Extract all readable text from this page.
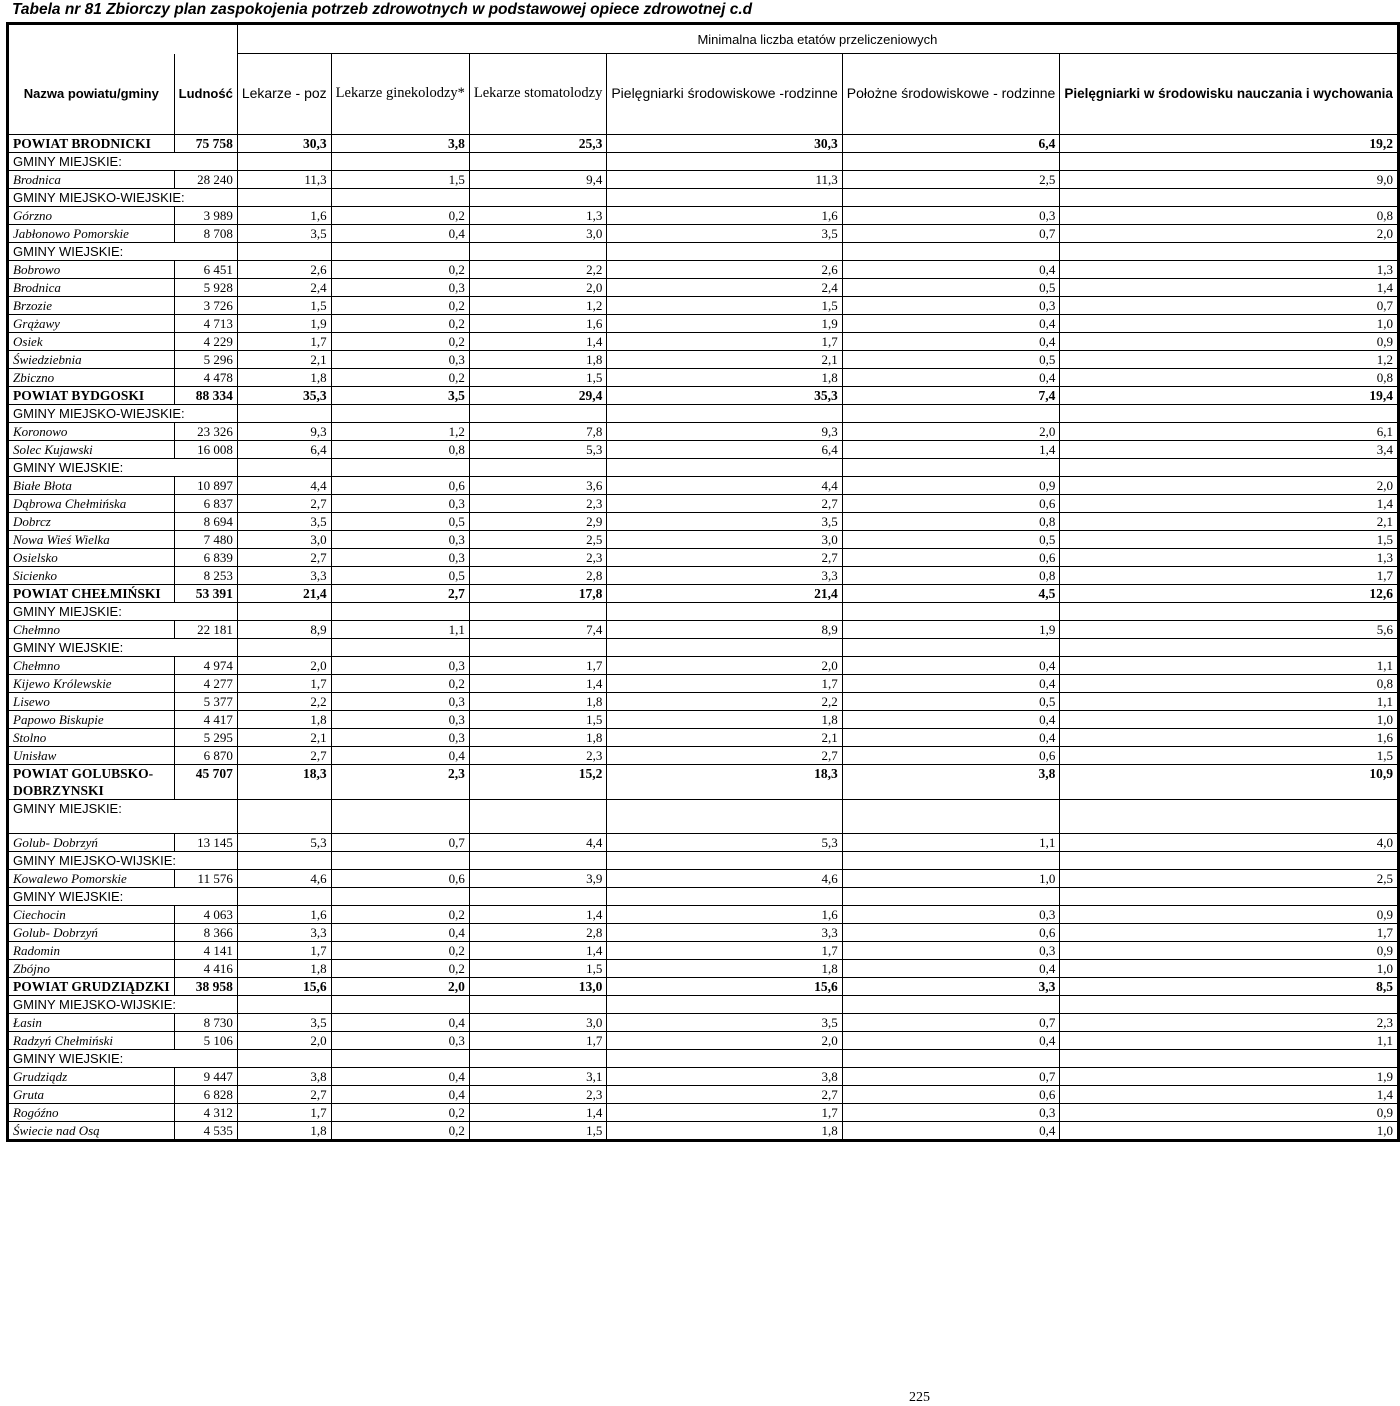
Tabela nr 81 Zbiorczy plan zaspokojenia potrzeb zdrowotnych w podstawowej opiece zdrowotnej c.d
		Minimalna liczba etatów przeliczeniowych					
Nazwa powiatu/gminy	Ludność	Lekarze - poz	Lekarze ginekolodzy*	Lekarze stomatolodzy	Pielęgniarki środowiskowe -rodzinne	Położne środowiskowe - rodzinne	Pielęgniarki w środowisku nauczania i wychowania
POWIAT BRODNICKI	75 758	30,3	3,8	25,3	30,3	6,4	19,2
GMINY MIEJSKIE:							
Brodnica	28 240	11,3	1,5	9,4	11,3	2,5	9,0
GMINY MIEJSKO-WIEJSKIE:							
Górzno	3 989	1,6	0,2	1,3	1,6	0,3	0,8
Jabłonowo Pomorskie	8 708	3,5	0,4	3,0	3,5	0,7	2,0
GMINY WIEJSKIE:							
Bobrowo	6 451	2,6	0,2	2,2	2,6	0,4	1,3
Brodnica	5 928	2,4	0,3	2,0	2,4	0,5	1,4
Brzozie	3 726	1,5	0,2	1,2	1,5	0,3	0,7
Grążawy	4 713	1,9	0,2	1,6	1,9	0,4	1,0
Osiek	4 229	1,7	0,2	1,4	1,7	0,4	0,9
Świedziebnia	5 296	2,1	0,3	1,8	2,1	0,5	1,2
Zbiczno	4 478	1,8	0,2	1,5	1,8	0,4	0,8
POWIAT BYDGOSKI	88 334	35,3	3,5	29,4	35,3	7,4	19,4
GMINY MIEJSKO-WIEJSKIE:							
Koronowo	23 326	9,3	1,2	7,8	9,3	2,0	6,1
Solec Kujawski	16 008	6,4	0,8	5,3	6,4	1,4	3,4
GMINY WIEJSKIE:							
Białe Błota	10 897	4,4	0,6	3,6	4,4	0,9	2,0
Dąbrowa Chełmińska	6 837	2,7	0,3	2,3	2,7	0,6	1,4
Dobrcz	8 694	3,5	0,5	2,9	3,5	0,8	2,1
Nowa Wieś Wielka	7 480	3,0	0,3	2,5	3,0	0,5	1,5
Osielsko	6 839	2,7	0,3	2,3	2,7	0,6	1,3
Sicienko	8 253	3,3	0,5	2,8	3,3	0,8	1,7
POWIAT CHEŁMIŃSKI	53 391	21,4	2,7	17,8	21,4	4,5	12,6
GMINY MIEJSKIE:							
Chełmno	22 181	8,9	1,1	7,4	8,9	1,9	5,6
GMINY WIEJSKIE:							
Chełmno	4 974	2,0	0,3	1,7	2,0	0,4	1,1
Kijewo Królewskie	4 277	1,7	0,2	1,4	1,7	0,4	0,8
Lisewo	5 377	2,2	0,3	1,8	2,2	0,5	1,1
Papowo Biskupie	4 417	1,8	0,3	1,5	1,8	0,4	1,0
Stolno	5 295	2,1	0,3	1,8	2,1	0,4	1,6
Unisław	6 870	2,7	0,4	2,3	2,7	0,6	1,5
POWIAT GOLUBSKO-DOBRZYNSKI	45 707	18,3	2,3	15,2	18,3	3,8	10,9
GMINY MIEJSKIE:							
Golub- Dobrzyń	13 145	5,3	0,7	4,4	5,3	1,1	4,0
GMINY MIEJSKO-WIJSKIE:							
Kowalewo Pomorskie	11 576	4,6	0,6	3,9	4,6	1,0	2,5
GMINY WIEJSKIE:							
Ciechocin	4 063	1,6	0,2	1,4	1,6	0,3	0,9
Golub- Dobrzyń	8 366	3,3	0,4	2,8	3,3	0,6	1,7
Radomin	4 141	1,7	0,2	1,4	1,7	0,3	0,9
Zbójno	4 416	1,8	0,2	1,5	1,8	0,4	1,0
POWIAT GRUDZIĄDZKI	38 958	15,6	2,0	13,0	15,6	3,3	8,5
GMINY MIEJSKO-WIJSKIE:							
Łasin	8 730	3,5	0,4	3,0	3,5	0,7	2,3
Radzyń Chełmiński	5 106	2,0	0,3	1,7	2,0	0,4	1,1
GMINY WIEJSKIE:							
Grudziądz	9 447	3,8	0,4	3,1	3,8	0,7	1,9
Gruta	6 828	2,7	0,4	2,3	2,7	0,6	1,4
Rogóźno	4 312	1,7	0,2	1,4	1,7	0,3	0,9
Świecie nad Osą	4 535	1,8	0,2	1,5	1,8	0,4	1,0
225
